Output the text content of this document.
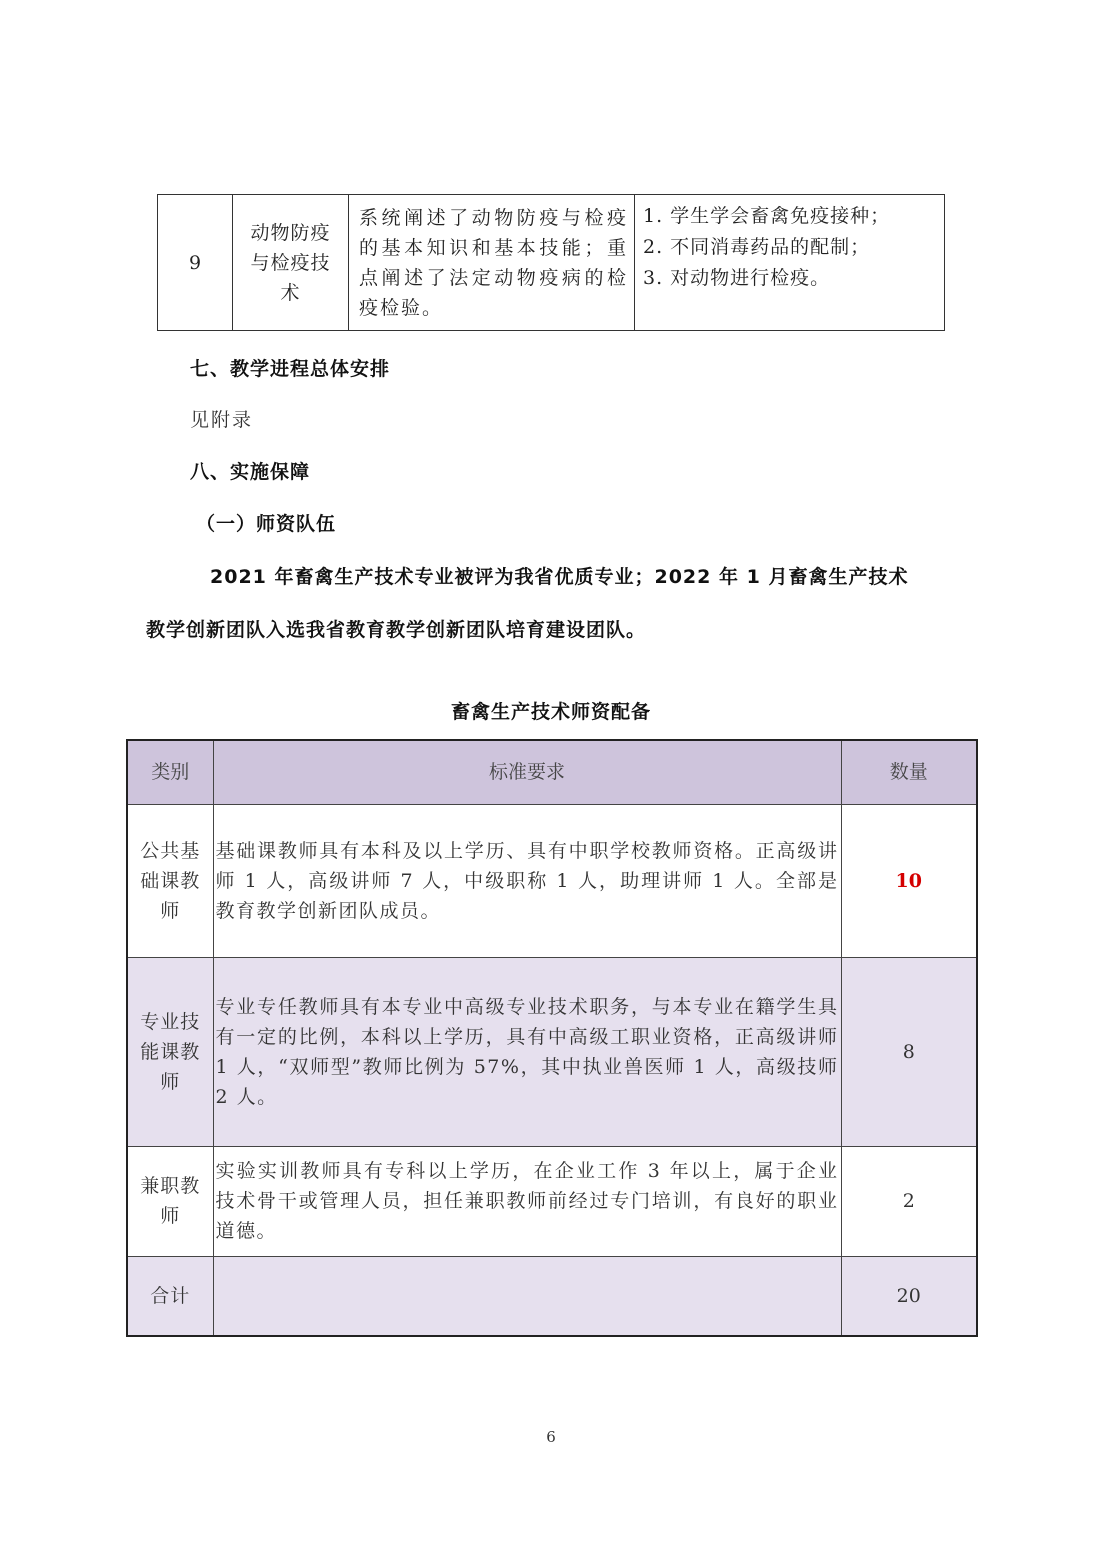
9	动物防疫与检疫技术	系统阐述了动物防疫与检疫的基本知识和基本技能；重点阐述了法定动物疫病的检疫检验。	
1. 学生学会畜禽免疫接种；
2. 不同消毒药品的配制；
3. 对动物进行检疫。
七、教学进程总体安排
见附录
八、实施保障
（一）师资队伍
2021 年畜禽生产技术专业被评为我省优质专业；2022 年 1 月畜禽生产技术
教学创新团队入选我省教育教学创新团队培育建设团队。
畜禽生产技术师资配备
类别	标准要求	数量
公共基础课教师	基础课教师具有本科及以上学历、具有中职学校教师资格。正高级讲师 1 人，高级讲师 7 人，中级职称 1 人，助理讲师 1 人。全部是教育教学创新团队成员。	10
专业技能课教师	专业专任教师具有本专业中高级专业技术职务，与本专业在籍学生具有一定的比例，本科以上学历，具有中高级工职业资格，正高级讲师 1 人，“双师型”教师比例为 57%，其中执业兽医师 1 人，高级技师 2 人。	8
兼职教师	实验实训教师具有专科以上学历，在企业工作 3 年以上，属于企业技术骨干或管理人员，担任兼职教师前经过专门培训，有良好的职业道德。	2
合计		20
6
